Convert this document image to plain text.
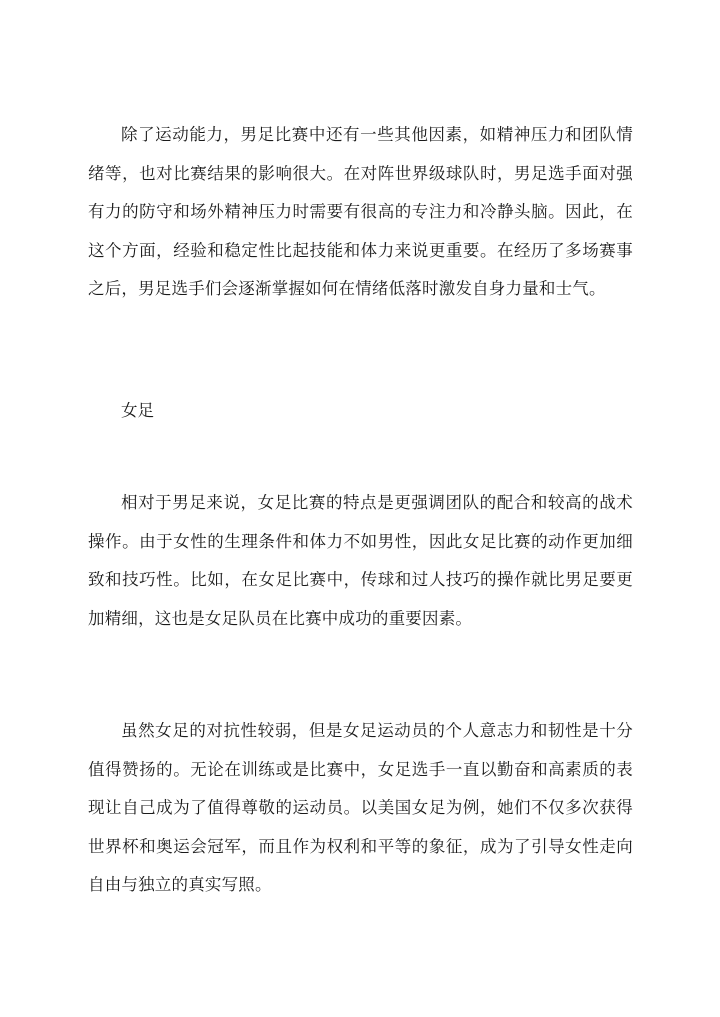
除了运动能力，男足比赛中还有一些其他因素，如精神压力和团队情绪等，也对比赛结果的影响很大。在对阵世界级球队时，男足选手面对强有力的防守和场外精神压力时需要有很高的专注力和冷静头脑。因此，在这个方面，经验和稳定性比起技能和体力来说更重要。在经历了多场赛事之后，男足选手们会逐渐掌握如何在情绪低落时激发自身力量和士气。

女足

相对于男足来说，女足比赛的特点是更强调团队的配合和较高的战术操作。由于女性的生理条件和体力不如男性，因此女足比赛的动作更加细致和技巧性。比如，在女足比赛中，传球和过人技巧的操作就比男足要更加精细，这也是女足队员在比赛中成功的重要因素。

虽然女足的对抗性较弱，但是女足运动员的个人意志力和韧性是十分值得赞扬的。无论在训练或是比赛中，女足选手一直以勤奋和高素质的表现让自己成为了值得尊敬的运动员。以美国女足为例，她们不仅多次获得世界杯和奥运会冠军，而且作为权利和平等的象征，成为了引导女性走向自由与独立的真实写照。
